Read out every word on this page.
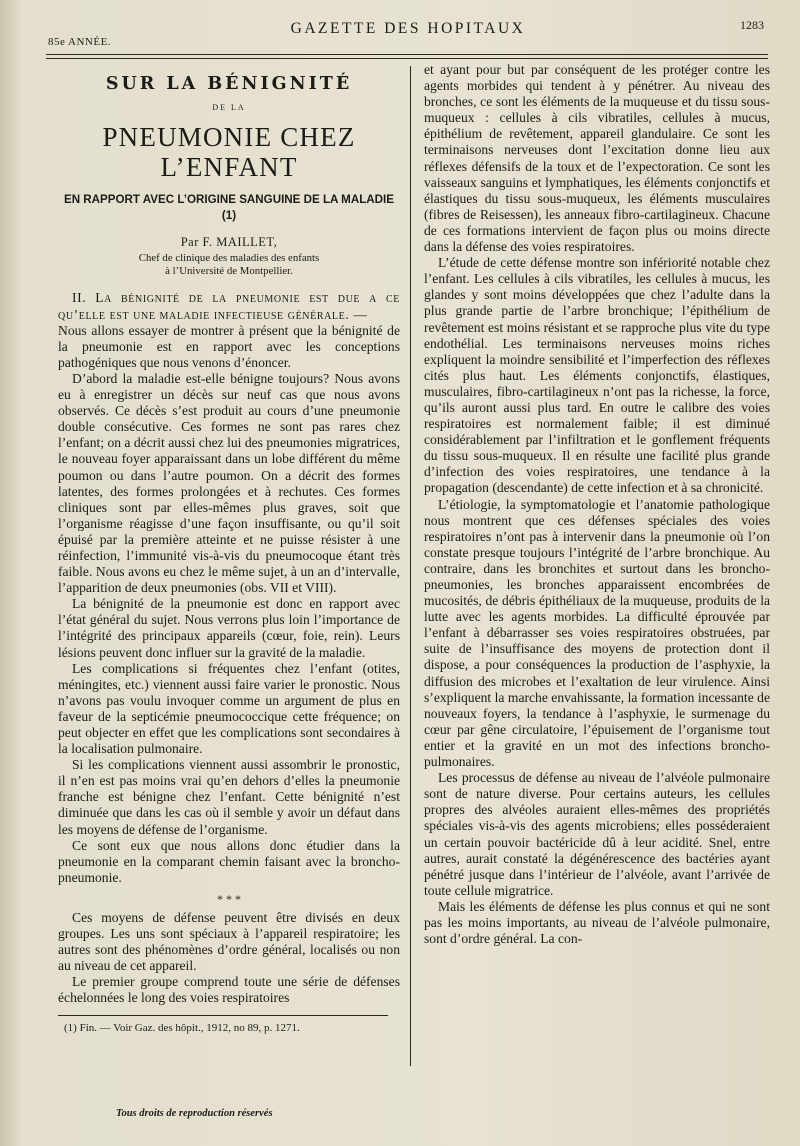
85e ANNÉE.
GAZETTE DES HOPITAUX	1283
SUR LA BÉNIGNITÉ
DE LA
PNEUMONIE CHEZ L’ENFANT
EN RAPPORT AVEC L’ORIGINE SANGUINE DE LA MALADIE (1)
Par F. MAILLET,
Chef de clinique des maladies des enfants
à l’Université de Montpellier.

II. La bénignité de la pneumonie est due a ce qu’elle est une maladie infectieuse générale. —

Nous allons essayer de montrer à présent que la bénignité de la pneumonie est en rapport avec les conceptions pathogéniques que nous venons d’énoncer.

D’abord la maladie est-elle bénigne toujours? Nous avons eu à enregistrer un décès sur neuf cas que nous avons observés. Ce décès s’est produit au cours d’une pneumonie double consécutive. Ces formes ne sont pas rares chez l’enfant; on a décrit aussi chez lui des pneumonies migratrices, le nouveau foyer apparaissant dans un lobe différent du même poumon ou dans l’autre poumon. On a décrit des formes latentes, des formes prolongées et à rechutes. Ces formes cliniques sont par elles-mêmes plus graves, soit que l’organisme réagisse d’une façon insuffisante, ou qu’il soit épuisé par la première atteinte et ne puisse résister à une réinfection, l’immunité vis-à-vis du pneumocoque étant très faible. Nous avons eu chez le même sujet, à un an d’intervalle, l’apparition de deux pneumonies (obs. VII et VIII).

La bénignité de la pneumonie est donc en rapport avec l’état général du sujet. Nous verrons plus loin l’importance de l’intégrité des principaux appareils (cœur, foie, rein). Leurs lésions peuvent donc influer sur la gravité de la maladie.

Les complications si fréquentes chez l’enfant (otites, méningites, etc.) viennent aussi faire varier le pronostic. Nous n’avons pas voulu invoquer comme un argument de plus en faveur de la septicémie pneumococcique cette fréquence; on peut objecter en effet que les complications sont secondaires à la localisation pulmonaire.

Si les complications viennent aussi assombrir le pronostic, il n’en est pas moins vrai qu’en dehors d’elles la pneumonie franche est bénigne chez l’enfant. Cette bénignité n’est diminuée que dans les cas où il semble y avoir un défaut dans les moyens de défense de l’organisme.

Ce sont eux que nous allons donc étudier dans la pneumonie en la comparant chemin faisant avec la broncho-pneumonie.

* * *

Ces moyens de défense peuvent être divisés en deux groupes. Les uns sont spéciaux à l’appareil respiratoire; les autres sont des phénomènes d’ordre général, localisés ou non au niveau de cet appareil.

Le premier groupe comprend toute une série de défenses échelonnées le long des voies respiratoires

(1) Fin. — Voir Gaz. des hôpit., 1912, no 89, p. 1271.

et ayant pour but par conséquent de les protéger contre les agents morbides qui tendent à y pénétrer. Au niveau des bronches, ce sont les éléments de la muqueuse et du tissu sous-muqueux : cellules à cils vibratiles, cellules à mucus, épithélium de revêtement, appareil glandulaire. Ce sont les terminaisons nerveuses dont l’excitation donne lieu aux réflexes défensifs de la toux et de l’expectoration. Ce sont les vaisseaux sanguins et lymphatiques, les éléments conjonctifs et élastiques du tissu sous-muqueux, les éléments musculaires (fibres de Reisessen), les anneaux fibro-cartilagineux. Chacune de ces formations intervient de façon plus ou moins directe dans la défense des voies respiratoires.

L’étude de cette défense montre son infériorité notable chez l’enfant. Les cellules à cils vibratiles, les cellules à mucus, les glandes y sont moins développées que chez l’adulte dans la plus grande partie de l’arbre bronchique; l’épithélium de revêtement est moins résistant et se rapproche plus vite du type endothélial. Les terminaisons nerveuses moins riches expliquent la moindre sensibilité et l’imperfection des réflexes cités plus haut. Les éléments conjonctifs, élastiques, musculaires, fibro-cartilagineux n’ont pas la richesse, la force, qu’ils auront aussi plus tard. En outre le calibre des voies respiratoires est normalement faible; il est diminué considérablement par l’infiltration et le gonflement fréquents du tissu sous-muqueux. Il en résulte une facilité plus grande d’infection des voies respiratoires, une tendance à la propagation (descendante) de cette infection et à sa chronicité.

L’étiologie, la symptomatologie et l’anatomie pathologique nous montrent que ces défenses spéciales des voies respiratoires n’ont pas à intervenir dans la pneumonie où l’on constate presque toujours l’intégrité de l’arbre bronchique. Au contraire, dans les bronchites et surtout dans les broncho-pneumonies, les bronches apparaissent encombrées de mucosités, de débris épithéliaux de la muqueuse, produits de la lutte avec les agents morbides. La difficulté éprouvée par l’enfant à débarrasser ses voies respiratoires obstruées, par suite de l’insuffisance des moyens de protection dont il dispose, a pour conséquences la production de l’asphyxie, la diffusion des microbes et l’exaltation de leur virulence. Ainsi s’expliquent la marche envahissante, la formation incessante de nouveaux foyers, la tendance à l’asphyxie, le surmenage du cœur par gêne circulatoire, l’épuisement de l’organisme tout entier et la gravité en un mot des infections broncho-pulmonaires.

Les processus de défense au niveau de l’alvéole pulmonaire sont de nature diverse. Pour certains auteurs, les cellules propres des alvéoles auraient elles-mêmes des propriétés spéciales vis-à-vis des agents microbiens; elles posséderaient un certain pouvoir bactéricide dû à leur acidité. Snel, entre autres, aurait constaté la dégénérescence des bactéries ayant pénétré jusque dans l’intérieur de l’alvéole, avant l’arrivée de toute cellule migratrice.

Mais les éléments de défense les plus connus et qui ne sont pas les moins importants, au niveau de l’alvéole pulmonaire, sont d’ordre général. La con-

Tous droits de reproduction réservés
